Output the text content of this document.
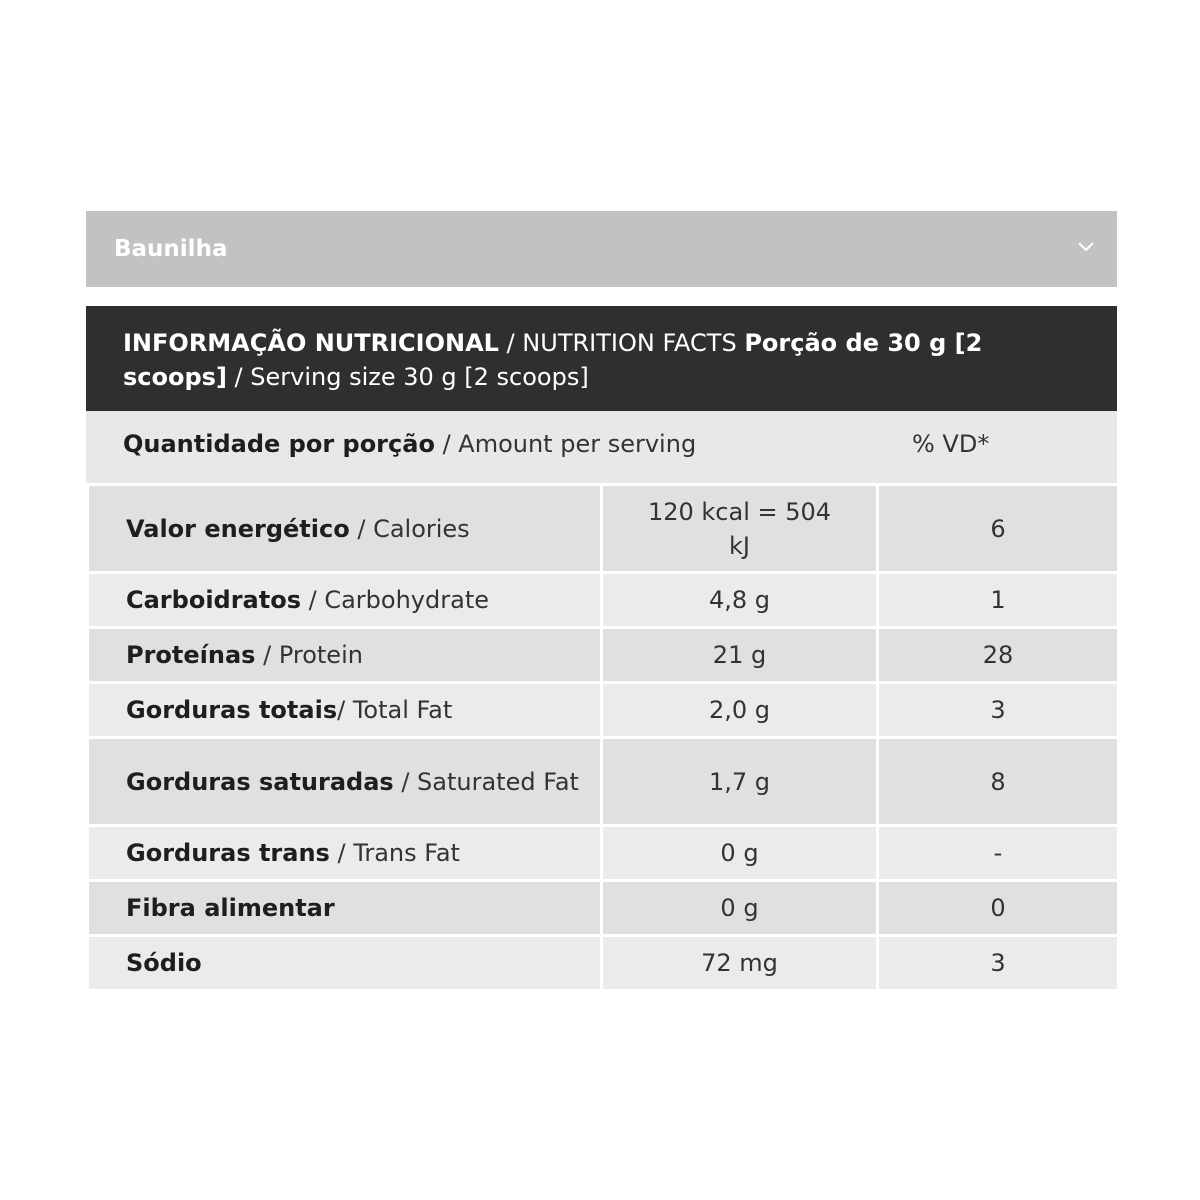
Baunilha
INFORMAÇÃO NUTRICIONAL / NUTRITION FACTS Porção de 30 g [2 scoops] / Serving size 30 g [2 scoops]
Quantidade por porção / Amount per serving	% VD*
Valor energético / Calories	120 kcal = 504 kJ	6
Carboidratos / Carbohydrate	4,8 g	1
Proteínas / Protein	21 g	28
Gorduras totais/ Total Fat	2,0 g	3
Gorduras saturadas / Saturated Fat	1,7 g	8
Gorduras trans / Trans Fat	0 g	-
Fibra alimentar	0 g	0
Sódio	72 mg	3
